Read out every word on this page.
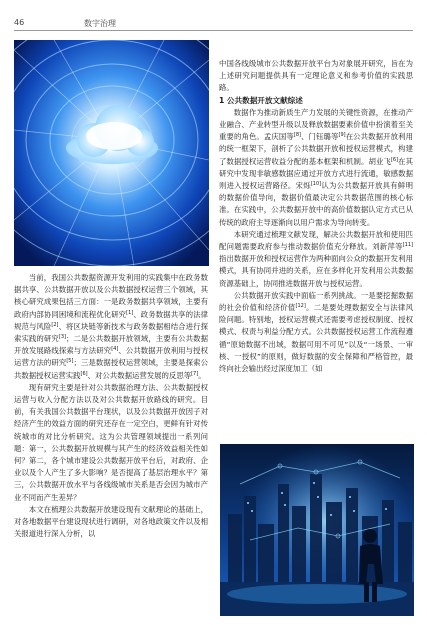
46	数字治理

当前，我国公共数据资源开发利用的实践集中在政务数据共享、公共数据开放以及公共数据授权运营三个领域，其核心研究成果包括三方面：一是政务数据共享领域，主要有政府内部协同困境和流程优化研究[1]、政务数据共享的法律规范与风险[2]、将区块链等新技术与政务数据相结合进行探索实践的研究[3]；二是公共数据开放领域，主要有公共数据开放发展路线探索与方法研究[4]、公共数据开放利用与授权运营方法的研究[5]；三是数据授权运营领域，主要是探索公共数据授权运营实践[6]、对公共数据运营发展的反思等[7]。

现有研究主要是针对公共数据治理方法、公共数据授权运营与收入分配方法以及对公共数据开放路线的研究。目前，有关我国公共数据平台现状，以及公共数据开放因子对经济产生的效益方面的研究还存在一定空白，更鲜有针对传统城市的对比分析研究。这为公共管理领域提出一系列问题：第一，公共数据开放规模与其产生的经济效益相关性如何？第二，各个城市建设公共数据开放平台后，对政府、企业以及个人产生了多大影响？是否提高了基层治理水平？第三，公共数据开放水平与各线级城市关系是否会因为城市产业不同而产生差异？

本文在梳理公共数据开放建设现有文献理论的基础上，对各地数据平台建设现状进行调研，对各地政策文件以及相关报道进行深入分析，以

中国各线级城市公共数据开放平台为对象展开研究，旨在为上述研究问题提供具有一定理论意义和参考价值的实践思路。

1 公共数据开放文献综述

数据作为推动新质生产力发展的关键性资源，在推动产业融合、产业转型升级以及释放数据要素价值中扮演着至关重要的角色。孟庆国等[8]、门钰璐等[9]在公共数据开放利用的统一框架下，剖析了公共数据开放和授权运营模式，构建了数据授权运营收益分配的基本框架和机制。胡业飞[6]在其研究中发现非敏感数据应通过开放方式进行流通，敏感数据则进入授权运营路径。宋烁[10]认为公共数据开放具有鲜明的数据价值导向，数据价值最决定公共数据范围的核心标准。在实践中，公共数据开放中的高价值数据认定方式已从传统的政府主导逐渐向以用户需求为导向转变。

本研究通过梳理文献发现，解决公共数据开放和使用匹配问题需要政府参与推动数据价值充分释放。刘新萍等[11]指出数据开放和授权运营作为两种面向公众的数据开发利用模式，具有协同并进的关系，应在多样化开发利用公共数据资源基础上，协同推进数据开放与授权运营。

公共数据开放实践中面临一系列挑战。一是要挖掘数据的社会价值和经济价值[12]。二是要处理数据安全与法律风险问题。特别地，授权运营模式还需要考虑授权制度、授权模式、权责与利益分配方式。公共数据授权运营工作流程遵循“原始数据不出域，数据可用不可见”以及“一场景、一审核、一授权”的原则，做好数据的安全保障和严格管控，最终向社会输出经过深度加工（如
